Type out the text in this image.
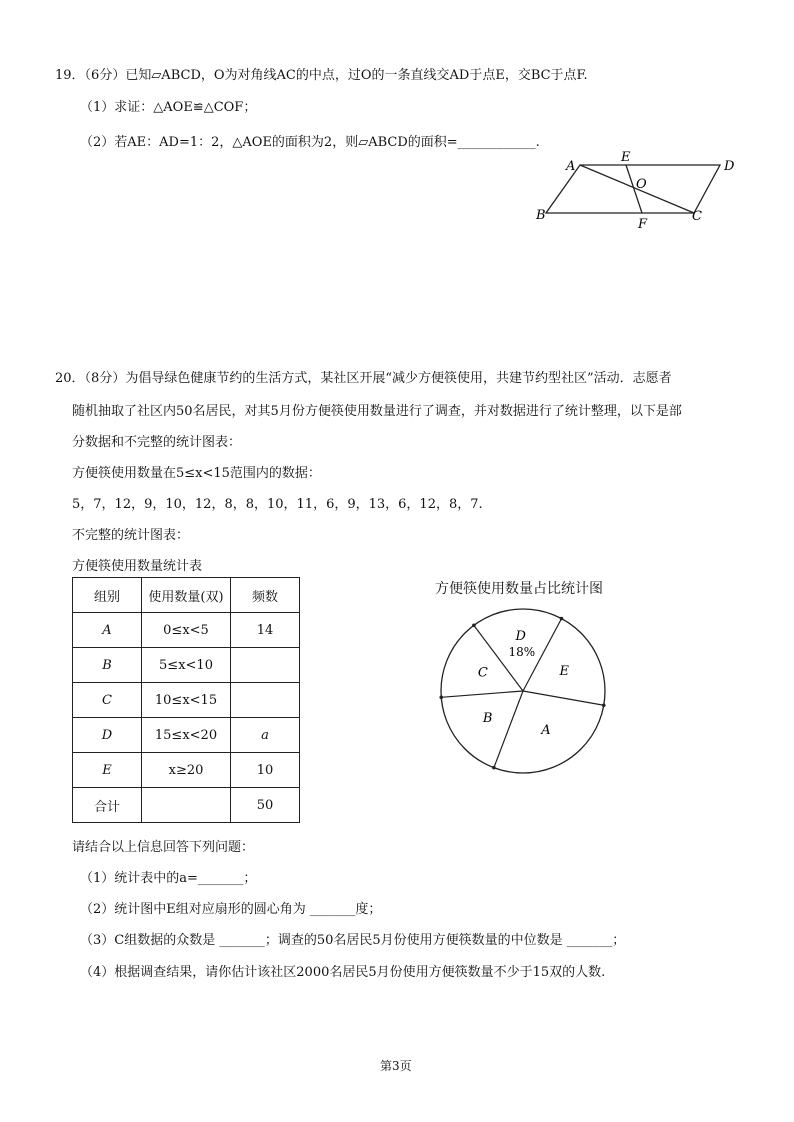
19．（6分）已知▱ABCD，O为对角线AC的中点，过O的一条直线交AD于点E，交BC于点F.
（1）求证：△AOE≌△COF；
（2）若AE：AD=1：2，△AOE的面积为2，则▱ABCD的面积=____________.
A
E
D
O
B
F
C
20．（8分）为倡导绿色健康节约的生活方式，某社区开展“减少方便筷使用，共建节约型社区”活动．志愿者
随机抽取了社区内50名居民，对其5月份方便筷使用数量进行了调查，并对数据进行了统计整理，以下是部
分数据和不完整的统计图表：
方便筷使用数量在5≤x<15范围内的数据：
5，7，12，9，10，12，8，8，10，11，6，9，13，6，12，8，7.
不完整的统计图表：
方便筷使用数量统计表
组别	使用数量(双)	频数
A	0≤x<5	14
B	5≤x<10	
C	10≤x<15	
D	15≤x<20	a
E	x≥20	10
合计		50
方便筷使用数量占比统计图
E
A
B
C
D
18%
请结合以上信息回答下列问题：
（1）统计表中的a=_______；
（2）统计图中E组对应扇形的圆心角为 _______度；
（3）C组数据的众数是 _______；调查的50名居民5月份使用方便筷数量的中位数是 _______；
（4）根据调查结果，请你估计该社区2000名居民5月份使用方便筷数量不少于15双的人数.
第3页
